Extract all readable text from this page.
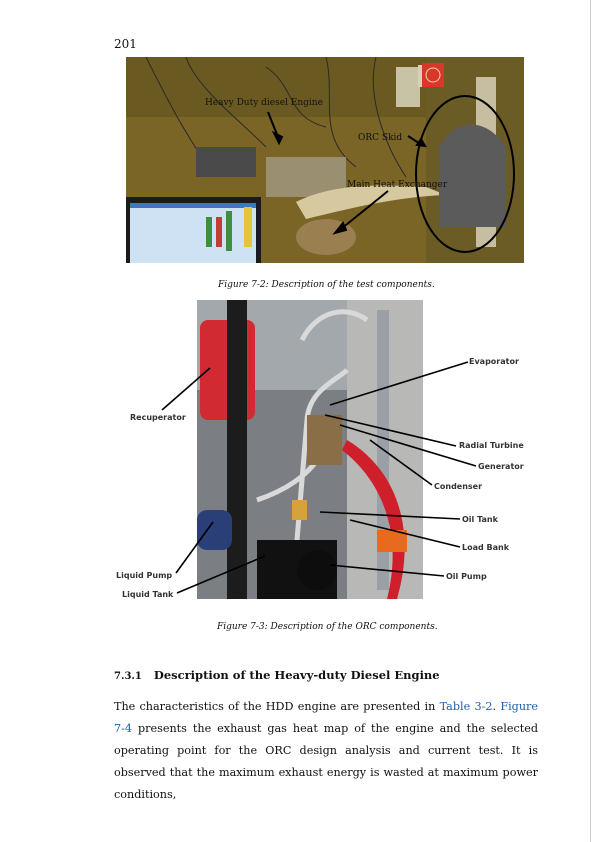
201
Heavy Duty diesel Engine
ORC Skid
Main Heat Exchanger
Figure 7-2: Description of the test components.
Evaporator
Recuperator
Radial Turbine
Generator
Condenser
Oil Tank
Load Bank
Liquid Pump	Oil Pump
Liquid Tank
Figure 7-3: Description of the ORC components.
7.3.1 Description of the Heavy-duty Diesel Engine

The characteristics of the HDD engine are presented in Table 3-2. Figure 7-4 presents the exhaust gas heat map of the engine and the selected operating point for the ORC design analysis and current test. It is observed that the maximum exhaust energy is wasted at maximum power conditions,
